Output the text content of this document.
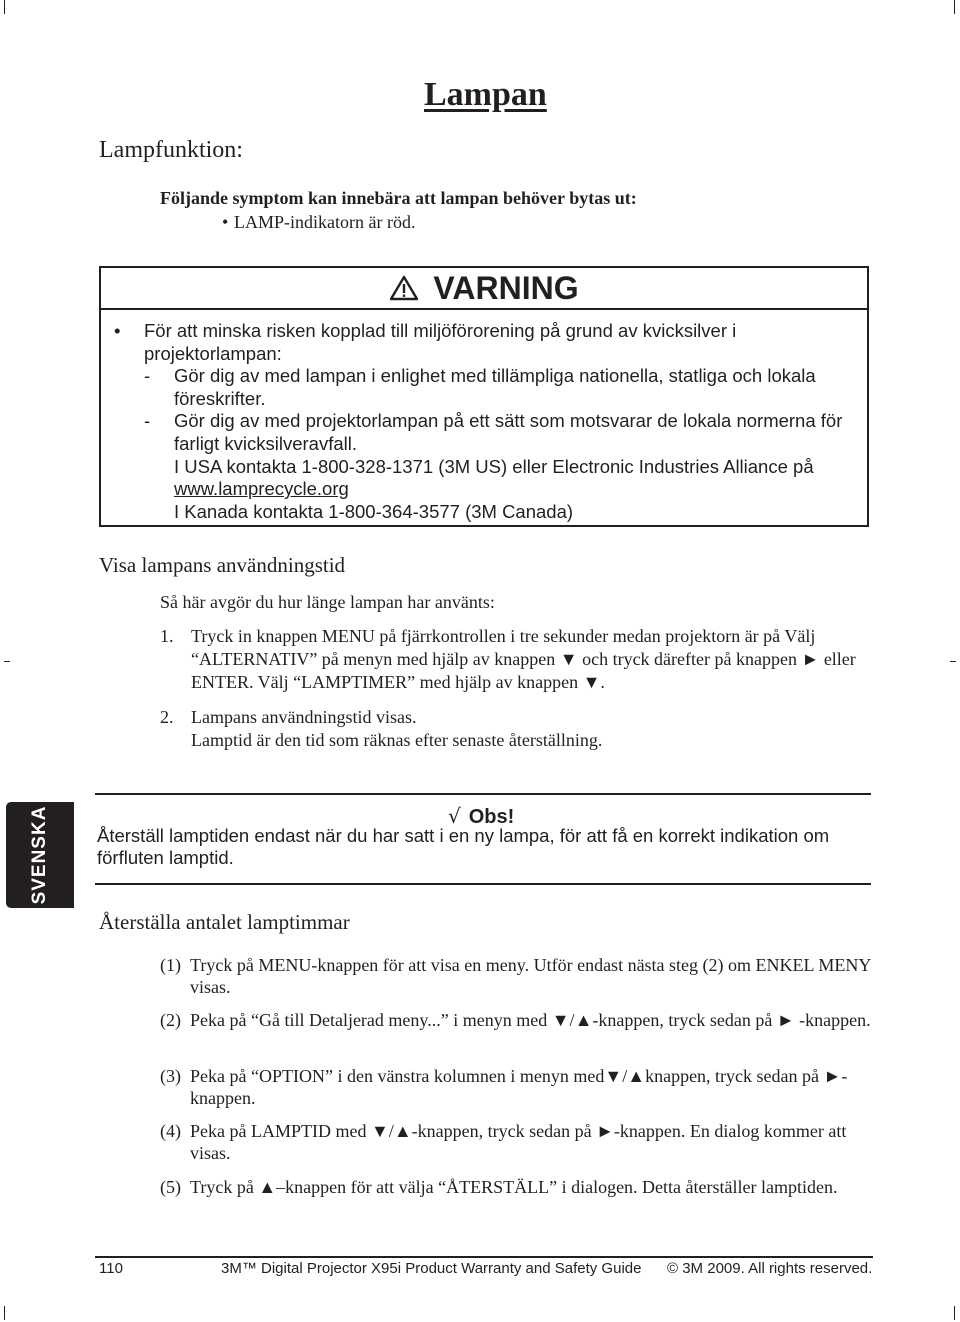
Lampan
Lampfunktion:
Följande symptom kan innebära att lampan behöver bytas ut:
• LAMP-indikatorn är röd.
VARNING
• För att minska risken kopplad till miljöförorening på grund av kvicksilver i projektorlampan:
- Gör dig av med lampan i enlighet med tillämpliga nationella, statliga och lokala föreskrifter.
- Gör dig av med projektorlampan på ett sätt som motsvarar de lokala normerna för farligt kvicksilveravfall.
I USA kontakta 1-800-328-1371 (3M US) eller Electronic Industries Alliance på www.lamprecycle.org
I Kanada kontakta 1-800-364-3577 (3M Canada)
Visa lampans användningstid
Så här avgör du hur länge lampan har använts:
1. Tryck in knappen MENU på fjärrkontrollen i tre sekunder medan projektorn är på Välj “ALTERNATIV” på menyn med hjälp av knappen ▼ och tryck därefter på knappen ► eller ENTER. Välj “LAMPTIMER” med hjälp av knappen ▼.
2. Lampans användningstid visas.
Lamptid är den tid som räknas efter senaste återställning.
SVENSKA	√ Obs!
Återställ lamptiden endast när du har satt i en ny lampa, för att få en korrekt indikation om förfluten lamptid.
Återställa antalet lamptimmar
(1) Tryck på MENU-knappen för att visa en meny. Utför endast nästa steg (2) om ENKEL MENY visas.
(2) Peka på “Gå till Detaljerad meny...” i menyn med ▼/▲-knappen, tryck sedan på ► -knappen.
(3) Peka på “OPTION” i den vänstra kolumnen i menyn med▼/▲knappen, tryck sedan på ►-knappen.
(4) Peka på LAMPTID med ▼/▲-knappen, tryck sedan på ►-knappen. En dialog kommer att visas.
(5) Tryck på ▲–knappen för att välja “ÅTERSTÄLL” i dialogen. Detta återställer lamptiden.
110	3M™ Digital Projector X95i Product Warranty and Safety Guide © 3M 2009. All rights reserved.
